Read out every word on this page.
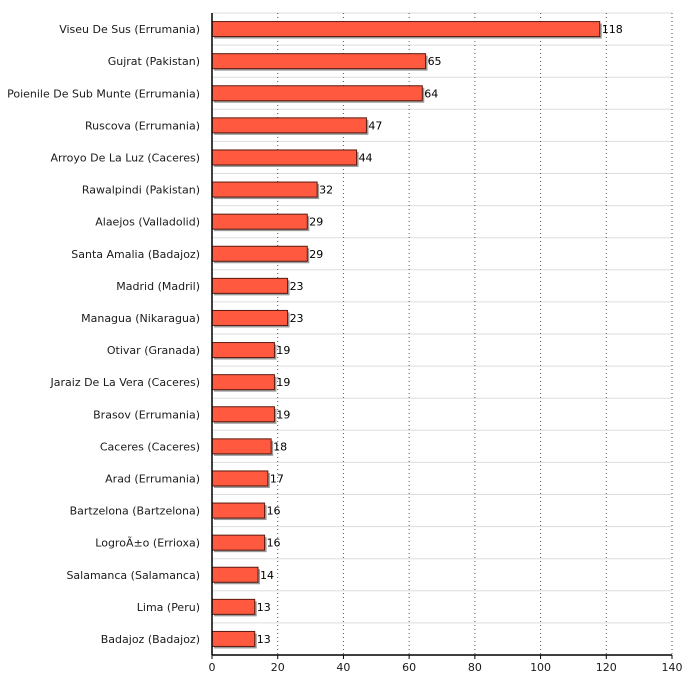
Viseu De Sus (Errumania)	118
Gujrat (Pakistan)	65
Poienile De Sub Munte (Errumania)	64
Ruscova (Errumania)	47
Arroyo De La Luz (Caceres)	44
Rawalpindi (Pakistan)	32
Alaejos (Valladolid)	29
Santa Amalia (Badajoz)	29
Madrid (Madril)	23
Managua (Nikaragua)	23
Otivar (Granada)	19
Jaraiz De La Vera (Caceres)	19
Brasov (Errumania)	19
Caceres (Caceres)	18
Arad (Errumania)	17
Bartzelona (Bartzelona)	16
LogroÃ±o (Errioxa)	16
Salamanca (Salamanca)	14
Lima (Peru)	13
Badajoz (Badajoz)	13
0	20	40	60	80	100	120	140
